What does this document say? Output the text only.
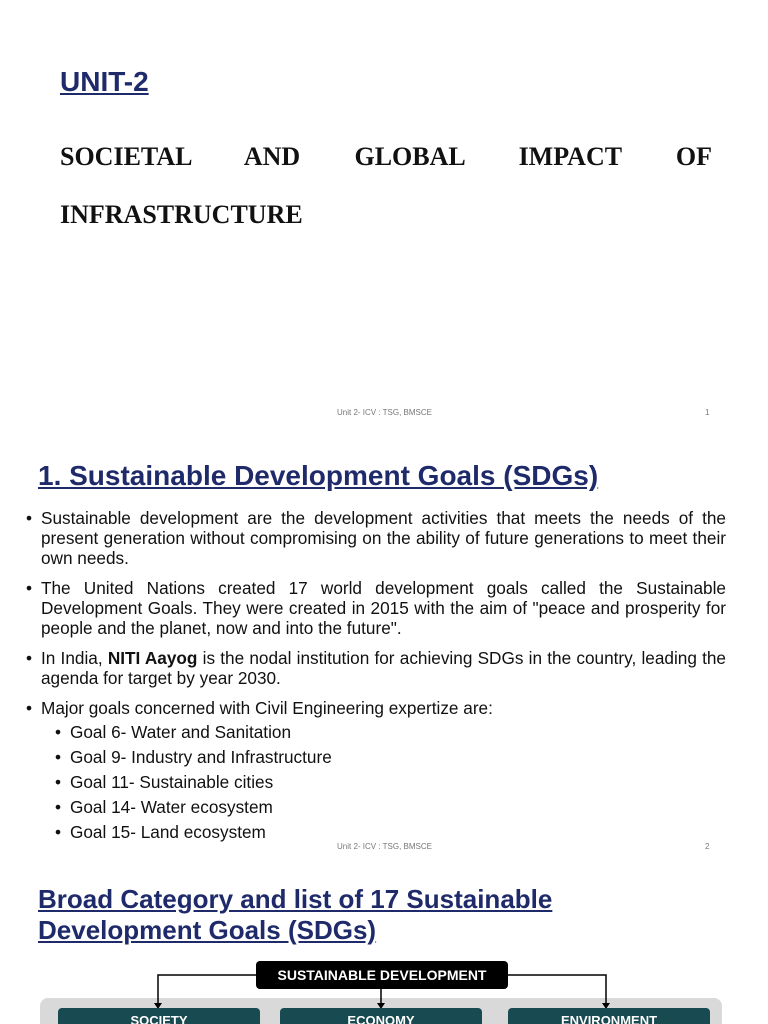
UNIT-2

SOCIETAL AND GLOBAL IMPACT OF

INFRASTRUCTURE

Unit 2- ICV : TSG, BMSCE	1
1. Sustainable Development Goals (SDGs)
• Sustainable development are the development activities that meets the needs of the present generation without compromising on the ability of future generations to meet their own needs.
• The United Nations created 17 world development goals called the Sustainable Development Goals. They were created in 2015 with the aim of "peace and prosperity for people and the planet, now and into the future".
• In India, NITI Aayog is the nodal institution for achieving SDGs in the country, leading the agenda for target by year 2030.
• Major goals concerned with Civil Engineering expertize are:
• Goal 6- Water and Sanitation
• Goal 9- Industry and Infrastructure
• Goal 11- Sustainable cities
• Goal 14- Water ecosystem
• Goal 15- Land ecosystem
Unit 2- ICV : TSG, BMSCE	2
Broad Category and list of 17 Sustainable
Development Goals (SDGs)
SUSTAINABLE DEVELOPMENT
SOCIETY	ECONOMY	ENVIRONMENT
